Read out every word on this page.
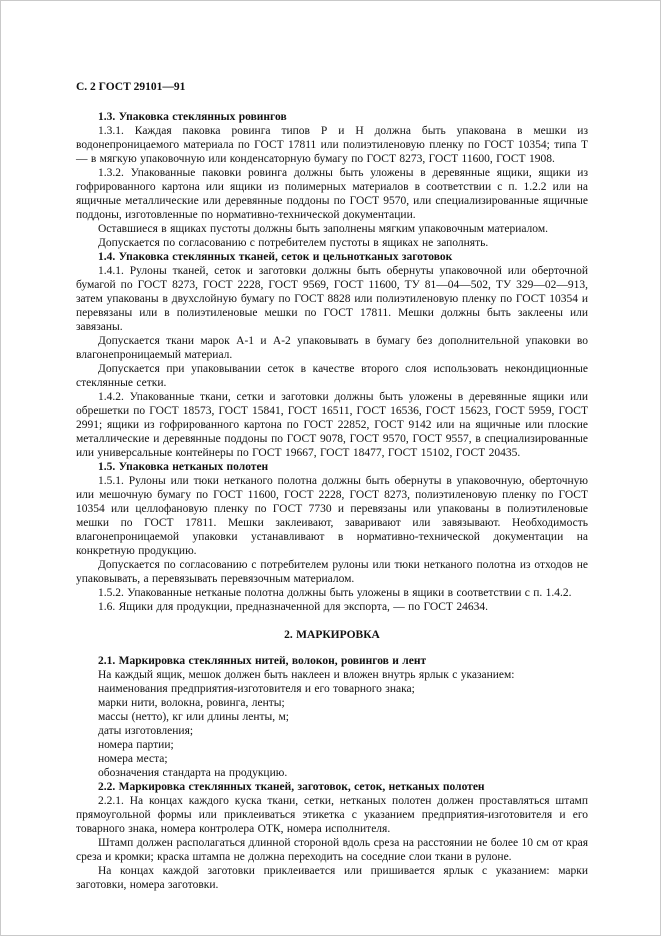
С. 2 ГОСТ 29101—91

1.3. Упаковка стеклянных ровингов

1.3.1. Каждая паковка ровинга типов Р и Н должна быть упакована в мешки из водонепроницаемого материала по ГОСТ 17811 или полиэтиленовую пленку по ГОСТ 10354; типа Т — в мягкую упаковочную или конденсаторную бумагу по ГОСТ 8273, ГОСТ 11600, ГОСТ 1908.

1.3.2. Упакованные паковки ровинга должны быть уложены в деревянные ящики, ящики из гофрированного картона или ящики из полимерных материалов в соответствии с п. 1.2.2 или на ящичные металлические или деревянные поддоны по ГОСТ 9570, или специализированные ящичные поддоны, изготовленные по нормативно-технической документации.

Оставшиеся в ящиках пустоты должны быть заполнены мягким упаковочным материалом.

Допускается по согласованию с потребителем пустоты в ящиках не заполнять.

1.4. Упаковка стеклянных тканей, сеток и цельнотканых заготовок

1.4.1. Рулоны тканей, сеток и заготовки должны быть обернуты упаковочной или оберточной бумагой по ГОСТ 8273, ГОСТ 2228, ГОСТ 9569, ГОСТ 11600, ТУ 81—04—502, ТУ 329—02—913, затем упакованы в двухслойную бумагу по ГОСТ 8828 или полиэтиленовую пленку по ГОСТ 10354 и перевязаны или в полиэтиленовые мешки по ГОСТ 17811. Мешки должны быть заклеены или завязаны.

Допускается ткани марок А-1 и А-2 упаковывать в бумагу без дополнительной упаковки во влагонепроницаемый материал.

Допускается при упаковывании сеток в качестве второго слоя использовать некондиционные стеклянные сетки.

1.4.2. Упакованные ткани, сетки и заготовки должны быть уложены в деревянные ящики или обрешетки по ГОСТ 18573, ГОСТ 15841, ГОСТ 16511, ГОСТ 16536, ГОСТ 15623, ГОСТ 5959, ГОСТ 2991; ящики из гофрированного картона по ГОСТ 22852, ГОСТ 9142 или на ящичные или плоские металлические и деревянные поддоны по ГОСТ 9078, ГОСТ 9570, ГОСТ 9557, в специализированные или универсальные контейнеры по ГОСТ 19667, ГОСТ 18477, ГОСТ 15102, ГОСТ 20435.

1.5. Упаковка нетканых полотен

1.5.1. Рулоны или тюки нетканого полотна должны быть обернуты в упаковочную, оберточную или мешочную бумагу по ГОСТ 11600, ГОСТ 2228, ГОСТ 8273, полиэтиленовую пленку по ГОСТ 10354 или целлофановую пленку по ГОСТ 7730 и перевязаны или упакованы в полиэтиленовые мешки по ГОСТ 17811. Мешки заклеивают, заваривают или завязывают. Необходимость влагонепроницаемой упаковки устанавливают в нормативно-технической документации на конкретную продукцию.

Допускается по согласованию с потребителем рулоны или тюки нетканого полотна из отходов не упаковывать, а перевязывать перевязочным материалом.

1.5.2. Упакованные нетканые полотна должны быть уложены в ящики в соответствии с п. 1.4.2.

1.6. Ящики для продукции, предназначенной для экспорта, — по ГОСТ 24634.

2. МАРКИРОВКА

2.1. Маркировка стеклянных нитей, волокон, ровингов и лент

На каждый ящик, мешок должен быть наклеен и вложен внутрь ярлык с указанием:

наименования предприятия-изготовителя и его товарного знака;

марки нити, волокна, ровинга, ленты;

массы (нетто), кг или длины ленты, м;

даты изготовления;

номера партии;

номера места;

обозначения стандарта на продукцию.

2.2. Маркировка стеклянных тканей, заготовок, сеток, нетканых полотен

2.2.1. На концах каждого куска ткани, сетки, нетканых полотен должен проставляться штамп прямоугольной формы или приклеиваться этикетка с указанием предприятия-изготовителя и его товарного знака, номера контролера ОТК, номера исполнителя.

Штамп должен располагаться длинной стороной вдоль среза на расстоянии не более 10 см от края среза и кромки; краска штампа не должна переходить на соседние слои ткани в рулоне.

На концах каждой заготовки приклеивается или пришивается ярлык с указанием: марки заготовки, номера заготовки.
